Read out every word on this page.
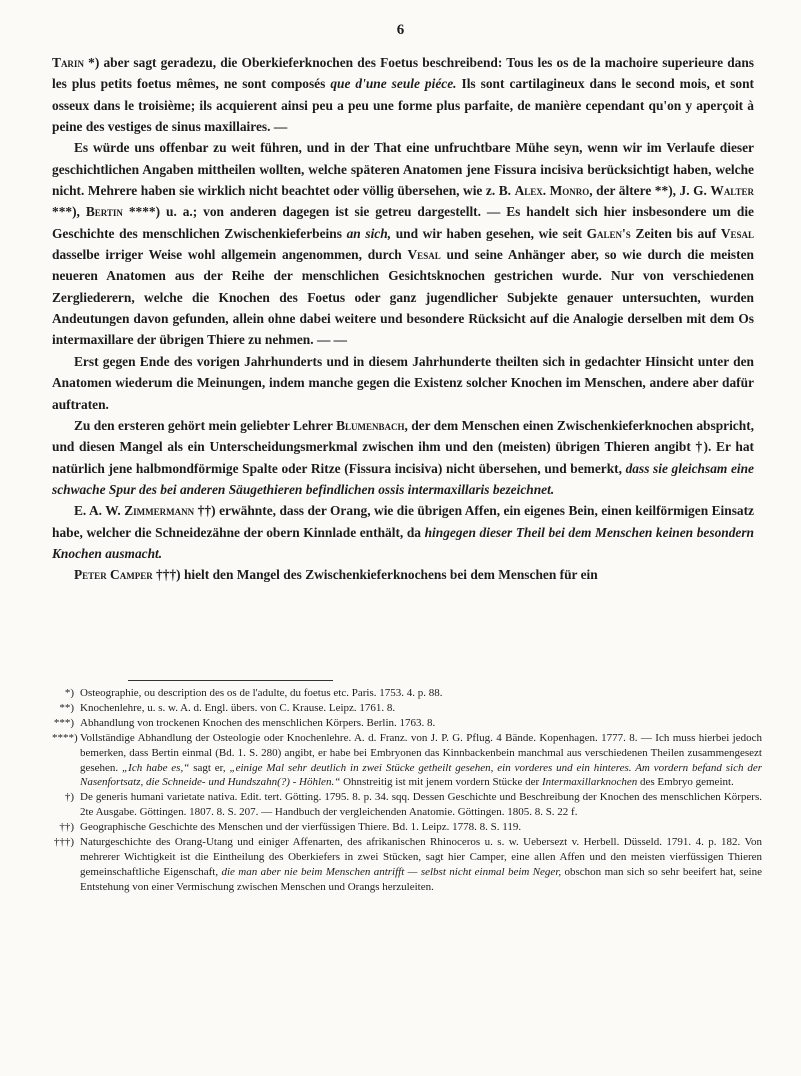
6

Tarin *) aber sagt geradezu, die Oberkieferknochen des Foetus beschreibend: Tous les os de la machoire superieure dans les plus petits foetus mêmes, ne sont composés que d'une seule piéce. Ils sont cartilagineux dans le second mois, et sont osseux dans le troisième; ils acquierent ainsi peu a peu une forme plus parfaite, de manière cependant qu'on y aperçoit à peine des vestiges de sinus maxillaires. —

Es würde uns offenbar zu weit führen, und in der That eine unfruchtbare Mühe seyn, wenn wir im Verlaufe dieser geschichtlichen Angaben mittheilen wollten, welche späteren Anatomen jene Fissura incisiva berücksichtigt haben, welche nicht. Mehrere haben sie wirklich nicht beachtet oder völlig übersehen, wie z. B. Alex. Monro, der ältere **), J. G. Walter ***), Bertin ****) u. a.; von anderen dagegen ist sie getreu dargestellt. — Es handelt sich hier insbesondere um die Geschichte des menschlichen Zwischenkieferbeins an sich, und wir haben gesehen, wie seit Galen's Zeiten bis auf Vesal dasselbe irriger Weise wohl allgemein angenommen, durch Vesal und seine Anhänger aber, so wie durch die meisten neueren Anatomen aus der Reihe der menschlichen Gesichtsknochen gestrichen wurde. Nur von verschiedenen Zergliederern, welche die Knochen des Foetus oder ganz jugendlicher Subjekte genauer untersuchten, wurden Andeutungen davon gefunden, allein ohne dabei weitere und besondere Rücksicht auf die Analogie derselben mit dem Os intermaxillare der übrigen Thiere zu nehmen. — —

Erst gegen Ende des vorigen Jahrhunderts und in diesem Jahrhunderte theilten sich in gedachter Hinsicht unter den Anatomen wiederum die Meinungen, indem manche gegen die Existenz solcher Knochen im Menschen, andere aber dafür auftraten.

Zu den ersteren gehört mein geliebter Lehrer Blumenbach, der dem Menschen einen Zwischenkieferknochen abspricht, und diesen Mangel als ein Unterscheidungsmerkmal zwischen ihm und den (meisten) übrigen Thieren angibt †). Er hat natürlich jene halbmondförmige Spalte oder Ritze (Fissura incisiva) nicht übersehen, und bemerkt, dass sie gleichsam eine schwache Spur des bei anderen Säugethieren befindlichen ossis intermaxillaris bezeichnet.

E. A. W. Zimmermann ††) erwähnte, dass der Orang, wie die übrigen Affen, ein eigenes Bein, einen keilförmigen Einsatz habe, welcher die Schneidezähne der obern Kinnlade enthält, da hingegen dieser Theil bei dem Menschen keinen besondern Knochen ausmacht.

Peter Camper †††) hielt den Mangel des Zwischenkieferknochens bei dem Menschen für ein

*) Osteographie, ou description des os de l'adulte, du foetus etc. Paris. 1753. 4. p. 88.
**) Knochenlehre, u. s. w. A. d. Engl. übers. von C. Krause. Leipz. 1761. 8.
***) Abhandlung von trockenen Knochen des menschlichen Körpers. Berlin. 1763. 8.
****) Vollständige Abhandlung der Osteologie oder Knochenlehre. A. d. Franz. von J. P. G. Pflug. 4 Bände. Kopenhagen. 1777. 8. — Ich muss hierbei jedoch bemerken, dass Bertin einmal (Bd. 1. S. 280) angibt, er habe bei Embryonen das Kinnbackenbein manchmal aus verschiedenen Theilen zusammengesezt gesehen. „Ich habe es,“ sagt er, „einige Mal sehr deutlich in zwei Stücke getheilt gesehen, ein vorderes und ein hinteres. Am vordern befand sich der Nasenfortsatz, die Schneide- und Hundszahn(?) - Höhlen.“ Ohnstreitig ist mit jenem vordern Stücke der Intermaxillarknochen des Embryo gemeint.
†) De generis humani varietate nativa. Edit. tert. Götting. 1795. 8. p. 34. sqq. Dessen Geschichte und Beschreibung der Knochen des menschlichen Körpers. 2te Ausgabe. Göttingen. 1807. 8. S. 207. — Handbuch der vergleichenden Anatomie. Göttingen. 1805. 8. S. 22 f.
††) Geographische Geschichte des Menschen und der vierfüssigen Thiere. Bd. 1. Leipz. 1778. 8. S. 119.
†††) Naturgeschichte des Orang-Utang und einiger Affenarten, des afrikanischen Rhinoceros u. s. w. Uebersezt v. Herbell. Düsseld. 1791. 4. p. 182. Von mehrerer Wichtigkeit ist die Eintheilung des Oberkiefers in zwei Stücken, sagt hier Camper, eine allen Affen und den meisten vierfüssigen Thieren gemeinschaftliche Eigenschaft, die man aber nie beim Menschen antrifft — selbst nicht einmal beim Neger, obschon man sich so sehr beeifert hat, seine Entstehung von einer Vermischung zwischen Menschen und Orangs herzuleiten.
